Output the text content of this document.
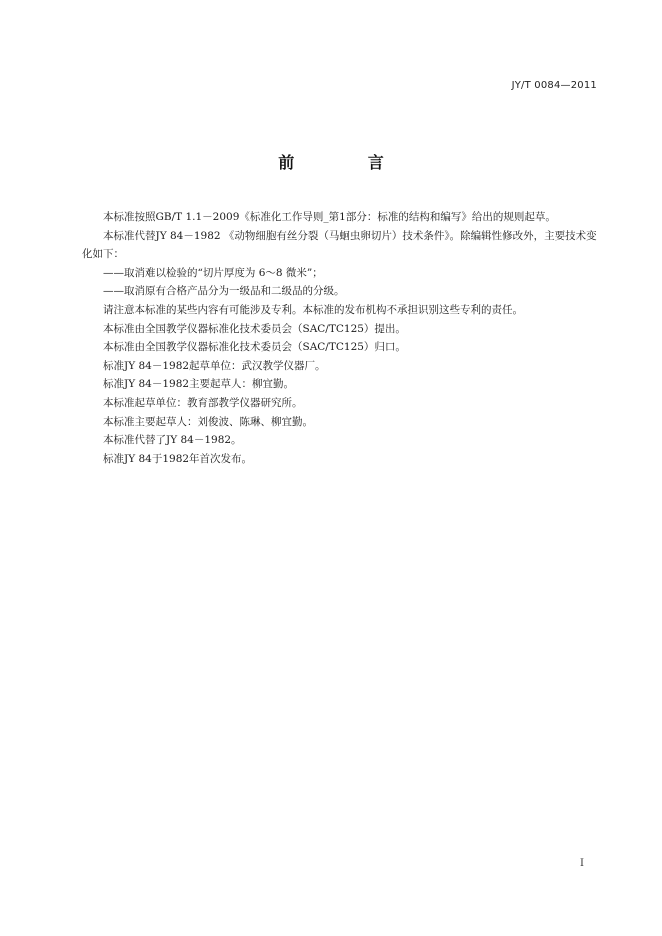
JY/T 0084—2011
前 言

本标准按照GB/T 1.1－2009《标准化工作导则_第1部分：标准的结构和编写》给出的规则起草。

本标准代替JY 84－1982 《动物细胞有丝分裂（马蛔虫卵切片）技术条件》。除编辑性修改外，主要技术变化如下：

——取消难以检验的“切片厚度为 6～8 微米”；

——取消原有合格产品分为一级品和二级品的分级。

请注意本标准的某些内容有可能涉及专利。本标准的发布机构不承担识别这些专利的责任。

本标准由全国教学仪器标准化技术委员会（SAC/TC125）提出。

本标准由全国教学仪器标准化技术委员会（SAC/TC125）归口。

标准JY 84－1982起草单位：武汉教学仪器厂。

标准JY 84－1982主要起草人：柳宜勤。

本标准起草单位：教育部教学仪器研究所。

本标准主要起草人：刘俊波、陈琳、柳宜勤。

本标准代替了JY 84－1982。

标准JY 84于1982年首次发布。

I
